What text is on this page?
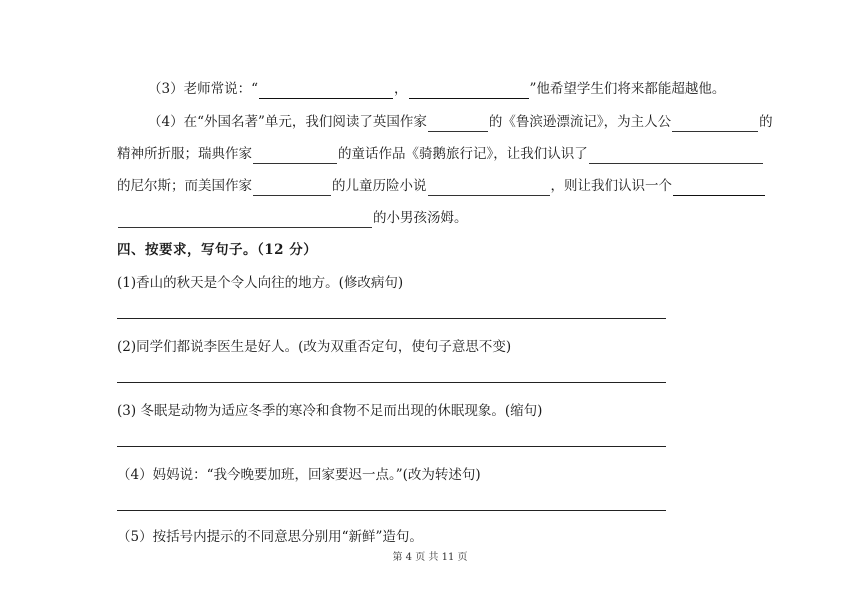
（3）老师常说：“	，	”他希望学生们将来都能超越他。
（4）在“外国名著”单元，我们阅读了英国作家	的《鲁滨逊漂流记》，为主人公	的
精神所折服；瑞典作家	的童话作品《骑鹅旅行记》，让我们认识了
的尼尔斯；而美国作家	的儿童历险小说	，则让我们认识一个
的小男孩汤姆。
四、按要求，写句子。（12 分）
(1)香山的秋天是个令人向往的地方。(修改病句)
(2)同学们都说李医生是好人。(改为双重否定句，使句子意思不变)
(3) 冬眠是动物为适应冬季的寒冷和食物不足而出现的休眠现象。(缩句)
（4）妈妈说：“我今晚要加班，回家要迟一点。”(改为转述句)
（5）按括号内提示的不同意思分别用“新鲜”造句。
第 4 页 共 11 页
